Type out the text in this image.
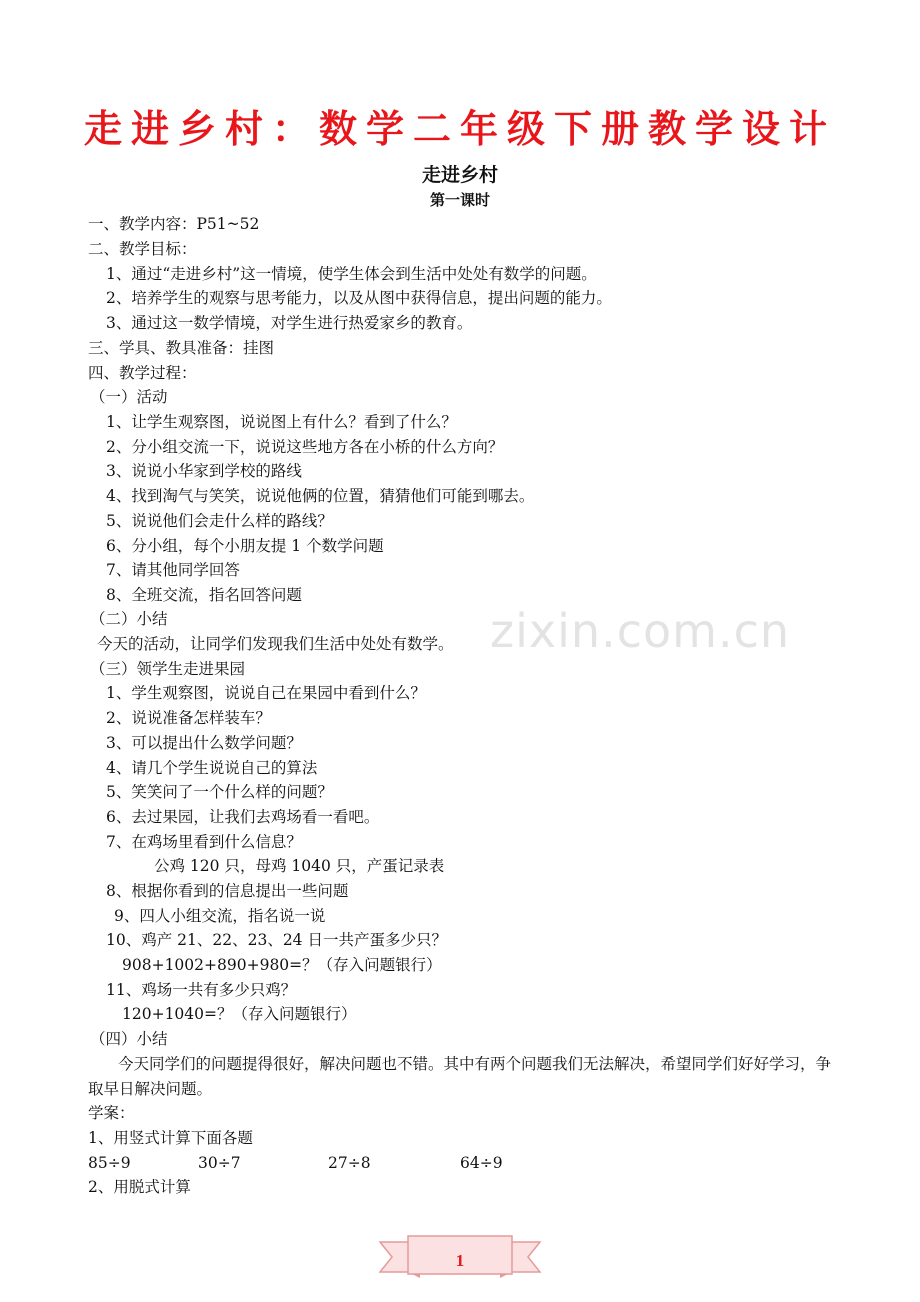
走进乡村：数学二年级下册教学设计
走进乡村
第一课时
zixin.com.cn
一、教学内容：P51~52
二、教学目标：
1、通过“走进乡村”这一情境，使学生体会到生活中处处有数学的问题。
2、培养学生的观察与思考能力，以及从图中获得信息，提出问题的能力。
3、通过这一数学情境，对学生进行热爱家乡的教育。
三、学具、教具准备：挂图
四、教学过程：
（一）活动
1、让学生观察图，说说图上有什么？看到了什么？
2、分小组交流一下，说说这些地方各在小桥的什么方向？
3、说说小华家到学校的路线
4、找到淘气与笑笑，说说他俩的位置，猜猜他们可能到哪去。
5、说说他们会走什么样的路线？
6、分小组，每个小朋友提 1 个数学问题
7、请其他同学回答
8、全班交流，指名回答问题
（二）小结
今天的活动，让同学们发现我们生活中处处有数学。
（三）领学生走进果园
1、学生观察图，说说自己在果园中看到什么？
2、说说准备怎样装车？
3、可以提出什么数学问题？
4、请几个学生说说自己的算法
5、笑笑问了一个什么样的问题？
6、去过果园，让我们去鸡场看一看吧。
7、在鸡场里看到什么信息？
公鸡 120 只，母鸡 1040 只，产蛋记录表
8、根据你看到的信息提出一些问题
9、四人小组交流，指名说一说
10、鸡产 21、22、23、24 日一共产蛋多少只？
908+1002+890+980=？（存入问题银行）
11、鸡场一共有多少只鸡？
120+1040=？（存入问题银行）
（四）小结
今天同学们的问题提得很好，解决问题也不错。其中有两个问题我们无法解决，希望同学们好好学习，争取早日解决问题。
学案：
1、用竖式计算下面各题
85÷9	30÷7	27÷8	64÷9
2、用脱式计算
1
